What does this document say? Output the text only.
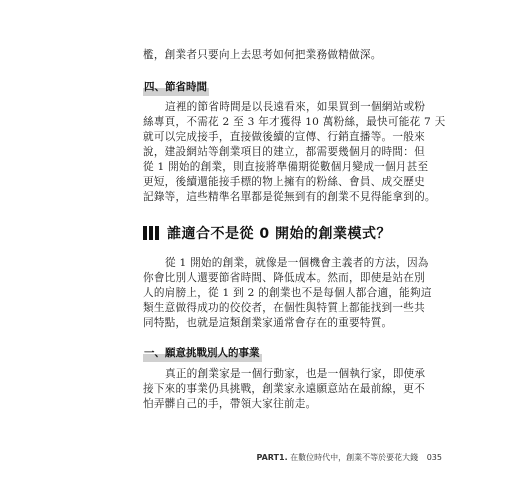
檻，創業者只要向上去思考如何把業務做精做深。
四、節省時間
這裡的節省時間是以長遠看來，如果買到一個網站或粉
絲專頁，不需花 2 至 3 年才獲得 10 萬粉絲，最快可能花 7 天
就可以完成接手，直接做後續的宣傳、行銷直播等。一般來
說，建設網站等創業項目的建立，都需要幾個月的時間：但
從 1 開始的創業，則直接將準備期從數個月變成一個月甚至
更短，後續還能接手標的物上擁有的粉絲、會員、成交歷史
記錄等，這些精準名單都是從無到有的創業不見得能拿到的。
誰適合不是從 0 開始的創業模式？
從 1 開始的創業，就像是一個機會主義者的方法，因為
你會比別人還要節省時間、降低成本。然而，即使是站在別
人的肩膀上，從 1 到 2 的創業也不是每個人都合適，能夠這
類生意做得成功的佼佼者，在個性與特質上都能找到一些共
同特點，也就是這類創業家通常會存在的重要特質。
一、願意挑戰別人的事業
真正的創業家是一個行動家，也是一個執行家，即使承
接下來的事業仍具挑戰，創業家永遠願意站在最前線，更不
怕弄髒自己的手，帶領大家往前走。
PART1. 在數位時代中，創業不等於要花大錢 035
